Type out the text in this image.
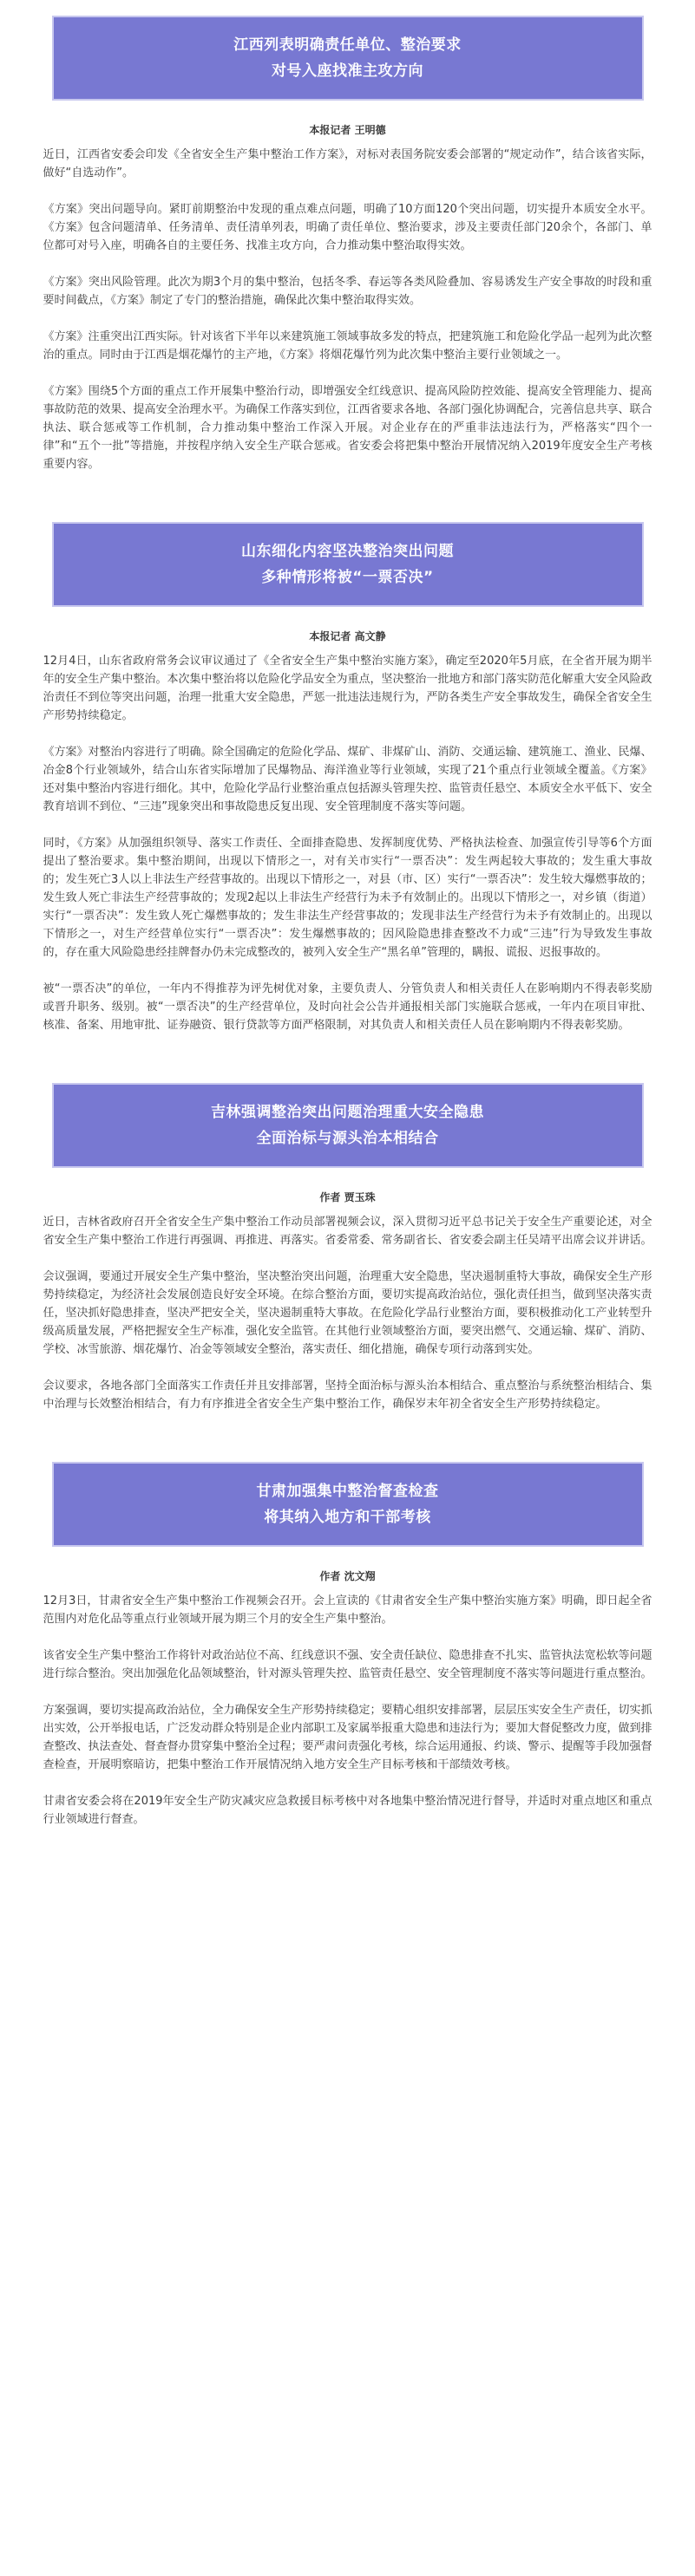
江西列表明确责任单位、整治要求
对号入座找准主攻方向
本报记者 王明德

近日，江西省安委会印发《全省安全生产集中整治工作方案》，对标对表国务院安委会部署的“规定动作”，结合该省实际，做好“自选动作”。

《方案》突出问题导向。紧盯前期整治中发现的重点难点问题，明确了10方面120个突出问题，切实提升本质安全水平。《方案》包含问题清单、任务清单、责任清单列表，明确了责任单位、整治要求，涉及主要责任部门20余个，各部门、单位都可对号入座，明确各自的主要任务、找准主攻方向，合力推动集中整治取得实效。

《方案》突出风险管理。此次为期3个月的集中整治，包括冬季、春运等各类风险叠加、容易诱发生产安全事故的时段和重要时间截点，《方案》制定了专门的整治措施，确保此次集中整治取得实效。

《方案》注重突出江西实际。针对该省下半年以来建筑施工领域事故多发的特点，把建筑施工和危险化学品一起列为此次整治的重点。同时由于江西是烟花爆竹的主产地，《方案》将烟花爆竹列为此次集中整治主要行业领域之一。

《方案》围绕5个方面的重点工作开展集中整治行动，即增强安全红线意识、提高风险防控效能、提高安全管理能力、提高事故防范的效果、提高安全治理水平。为确保工作落实到位，江西省要求各地、各部门强化协调配合，完善信息共享、联合执法、联合惩戒等工作机制，合力推动集中整治工作深入开展。对企业存在的严重非法违法行为，严格落实“四个一律”和“五个一批”等措施，并按程序纳入安全生产联合惩戒。省安委会将把集中整治开展情况纳入2019年度安全生产考核重要内容。

山东细化内容坚决整治突出问题
多种情形将被“一票否决”
本报记者 高文静

12月4日，山东省政府常务会议审议通过了《全省安全生产集中整治实施方案》，确定至2020年5月底，在全省开展为期半年的安全生产集中整治。本次集中整治将以危险化学品安全为重点，坚决整治一批地方和部门落实防范化解重大安全风险政治责任不到位等突出问题，治理一批重大安全隐患，严惩一批违法违规行为，严防各类生产安全事故发生，确保全省安全生产形势持续稳定。

《方案》对整治内容进行了明确。除全国确定的危险化学品、煤矿、非煤矿山、消防、交通运输、建筑施工、渔业、民爆、冶金8个行业领域外，结合山东省实际增加了民爆物品、海洋渔业等行业领域，实现了21个重点行业领域全覆盖。《方案》还对集中整治内容进行细化。其中，危险化学品行业整治重点包括源头管理失控、监管责任悬空、本质安全水平低下、安全教育培训不到位、“三违”现象突出和事故隐患反复出现、安全管理制度不落实等问题。

同时，《方案》从加强组织领导、落实工作责任、全面排查隐患、发挥制度优势、严格执法检查、加强宣传引导等6个方面提出了整治要求。集中整治期间，出现以下情形之一，对有关市实行“一票否决”：发生两起较大事故的；发生重大事故的；发生死亡3人以上非法生产经营事故的。出现以下情形之一，对县（市、区）实行“一票否决”：发生较大爆燃事故的；发生致人死亡非法生产经营事故的；发现2起以上非法生产经营行为未予有效制止的。出现以下情形之一，对乡镇（街道）实行“一票否决”：发生致人死亡爆燃事故的；发生非法生产经营事故的；发现非法生产经营行为未予有效制止的。出现以下情形之一，对生产经营单位实行“一票否决”：发生爆燃事故的；因风险隐患排查整改不力或“三违”行为导致发生事故的，存在重大风险隐患经挂牌督办仍未完成整改的，被列入安全生产“黑名单”管理的，瞒报、谎报、迟报事故的。

被“一票否决”的单位，一年内不得推荐为评先树优对象，主要负责人、分管负责人和相关责任人在影响期内不得表彰奖励或晋升职务、级别。被“一票否决”的生产经营单位，及时向社会公告并通报相关部门实施联合惩戒，一年内在项目审批、核准、备案、用地审批、证券融资、银行贷款等方面严格限制，对其负责人和相关责任人员在影响期内不得表彰奖励。

吉林强调整治突出问题治理重大安全隐患
全面治标与源头治本相结合
作者 贾玉珠

近日，吉林省政府召开全省安全生产集中整治工作动员部署视频会议，深入贯彻习近平总书记关于安全生产重要论述，对全省安全生产集中整治工作进行再强调、再推进、再落实。省委常委、常务副省长、省安委会副主任吴靖平出席会议并讲话。

会议强调，要通过开展安全生产集中整治，坚决整治突出问题，治理重大安全隐患，坚决遏制重特大事故，确保安全生产形势持续稳定，为经济社会发展创造良好安全环境。在综合整治方面，要切实提高政治站位，强化责任担当，做到坚决落实责任，坚决抓好隐患排查，坚决严把安全关，坚决遏制重特大事故。在危险化学品行业整治方面，要积极推动化工产业转型升级高质量发展，严格把握安全生产标准，强化安全监管。在其他行业领域整治方面，要突出燃气、交通运输、煤矿、消防、学校、冰雪旅游、烟花爆竹、冶金等领域安全整治，落实责任、细化措施，确保专项行动落到实处。

会议要求，各地各部门全面落实工作责任并且安排部署，坚持全面治标与源头治本相结合、重点整治与系统整治相结合、集中治理与长效整治相结合，有力有序推进全省安全生产集中整治工作，确保岁末年初全省安全生产形势持续稳定。

甘肃加强集中整治督查检查
将其纳入地方和干部考核
作者 沈文翔

12月3日，甘肃省安全生产集中整治工作视频会召开。会上宣读的《甘肃省安全生产集中整治实施方案》明确，即日起全省范围内对危化品等重点行业领域开展为期三个月的安全生产集中整治。

该省安全生产集中整治工作将针对政治站位不高、红线意识不强、安全责任缺位、隐患排查不扎实、监管执法宽松软等问题进行综合整治。突出加强危化品领域整治，针对源头管理失控、监管责任悬空、安全管理制度不落实等问题进行重点整治。

方案强调，要切实提高政治站位，全力确保安全生产形势持续稳定；要精心组织安排部署，层层压实安全生产责任，切实抓出实效，公开举报电话，广泛发动群众特别是企业内部职工及家属举报重大隐患和违法行为；要加大督促整改力度，做到排查整改、执法查处、督查督办贯穿集中整治全过程；要严肃问责强化考核，综合运用通报、约谈、警示、提醒等手段加强督查检查，开展明察暗访，把集中整治工作开展情况纳入地方安全生产目标考核和干部绩效考核。

甘肃省安委会将在2019年安全生产防灾减灾应急救援目标考核中对各地集中整治情况进行督导，并适时对重点地区和重点行业领域进行督查。
